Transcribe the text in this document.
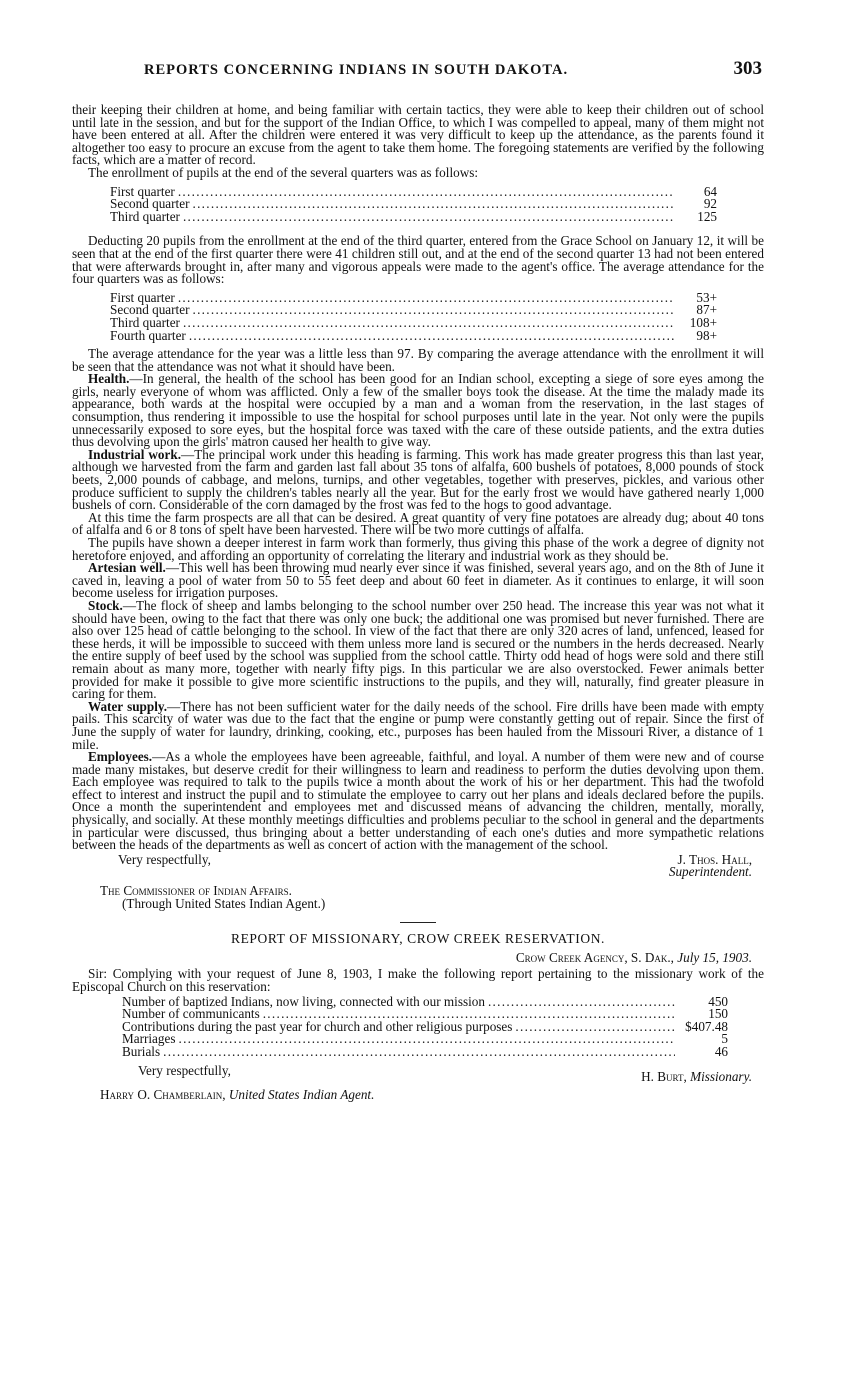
REPORTS CONCERNING INDIANS IN SOUTH DAKOTA.	303

their keeping their children at home, and being familiar with certain tactics, they were able to keep their children out of school until late in the session, and but for the support of the Indian Office, to which I was compelled to appeal, many of them might not have been entered at all. After the children were entered it was very difficult to keep up the attendance, as the parents found it altogether too easy to procure an excuse from the agent to take them home. The foregoing statements are verified by the following facts, which are a matter of record.

The enrollment of pupils at the end of the several quarters was as follows:

First quarter . . .	64
Second quarter . . .	92
Third quarter . . .	125

Deducting 20 pupils from the enrollment at the end of the third quarter, entered from the Grace School on January 12, it will be seen that at the end of the first quarter there were 41 children still out, and at the end of the second quarter 13 had not been entered that were afterwards brought in, after many and vigorous appeals were made to the agent's office. The average attendance for the four quarters was as follows:

First quarter . . .	53+
Second quarter . . .	87+
Third quarter . . .	108+
Fourth quarter . . .	98+

The average attendance for the year was a little less than 97. By comparing the average attendance with the enrollment it will be seen that the attendance was not what it should have been.

Health.—In general, the health of the school has been good for an Indian school, excepting a siege of sore eyes among the girls, nearly everyone of whom was afflicted. Only a few of the smaller boys took the disease. At the time the malady made its appearance, both wards at the hospital were occupied by a man and a woman from the reservation, in the last stages of consumption, thus rendering it impossible to use the hospital for school purposes until late in the year. Not only were the pupils unnecessarily exposed to sore eyes, but the hospital force was taxed with the care of these outside patients, and the extra duties thus devolving upon the girls' matron caused her health to give way.

Industrial work.—The principal work under this heading is farming. This work has made greater progress this than last year, although we harvested from the farm and garden last fall about 35 tons of alfalfa, 600 bushels of potatoes, 8,000 pounds of stock beets, 2,000 pounds of cabbage, and melons, turnips, and other vegetables, together with preserves, pickles, and various other produce sufficient to supply the children's tables nearly all the year. But for the early frost we would have gathered nearly 1,000 bushels of corn. Considerable of the corn damaged by the frost was fed to the hogs to good advantage.

At this time the farm prospects are all that can be desired. A great quantity of very fine potatoes are already dug; about 40 tons of alfalfa and 6 or 8 tons of spelt have been harvested. There will be two more cuttings of alfalfa.

The pupils have shown a deeper interest in farm work than formerly, thus giving this phase of the work a degree of dignity not heretofore enjoyed, and affording an opportunity of correlating the literary and industrial work as they should be.

Artesian well.—This well has been throwing mud nearly ever since it was finished, several years ago, and on the 8th of June it caved in, leaving a pool of water from 50 to 55 feet deep and about 60 feet in diameter. As it continues to enlarge, it will soon become useless for irrigation purposes.

Stock.—The flock of sheep and lambs belonging to the school number over 250 head. The increase this year was not what it should have been, owing to the fact that there was only one buck; the additional one was promised but never furnished. There are also over 125 head of cattle belonging to the school. In view of the fact that there are only 320 acres of land, unfenced, leased for these herds, it will be impossible to succeed with them unless more land is secured or the numbers in the herds decreased. Nearly the entire supply of beef used by the school was supplied from the school cattle. Thirty odd head of hogs were sold and there still remain about as many more, together with nearly fifty pigs. In this particular we are also overstocked. Fewer animals better provided for make it possible to give more scientific instructions to the pupils, and they will, naturally, find greater pleasure in caring for them.

Water supply.—There has not been sufficient water for the daily needs of the school. Fire drills have been made with empty pails. This scarcity of water was due to the fact that the engine or pump were constantly getting out of repair. Since the first of June the supply of water for laundry, drinking, cooking, etc., purposes has been hauled from the Missouri River, a distance of 1 mile.

Employees.—As a whole the employees have been agreeable, faithful, and loyal. A number of them were new and of course made many mistakes, but deserve credit for their willingness to learn and readiness to perform the duties devolving upon them. Each employee was required to talk to the pupils twice a month about the work of his or her department. This had the twofold effect to interest and instruct the pupil and to stimulate the employee to carry out her plans and ideals declared before the pupils. Once a month the superintendent and employees met and discussed means of advancing the children, mentally, morally, physically, and socially. At these monthly meetings difficulties and problems peculiar to the school in general and the departments in particular were discussed, thus bringing about a better understanding of each one's duties and more sympathetic relations between the heads of the departments as well as concert of action with the management of the school.

Very respectfully,	J. Thos. Hall,
Superintendent.
The Commissioner of Indian Affairs.
(Through United States Indian Agent.)
REPORT OF MISSIONARY, CROW CREEK RESERVATION.
Crow Creek Agency, S. Dak., July 15, 1903.

Sir: Complying with your request of June 8, 1903, I make the following report pertaining to the missionary work of the Episcopal Church on this reservation:

Number of baptized Indians, now living, connected with our mission . . .	450
Number of communicants . . .	150
Contributions during the past year for church and other religious purposes . . .	$407.48
Marriages . . .	5
Burials . . .	46
Very respectfully,	H. Burt, Missionary.
Harry O. Chamberlain, United States Indian Agent.
